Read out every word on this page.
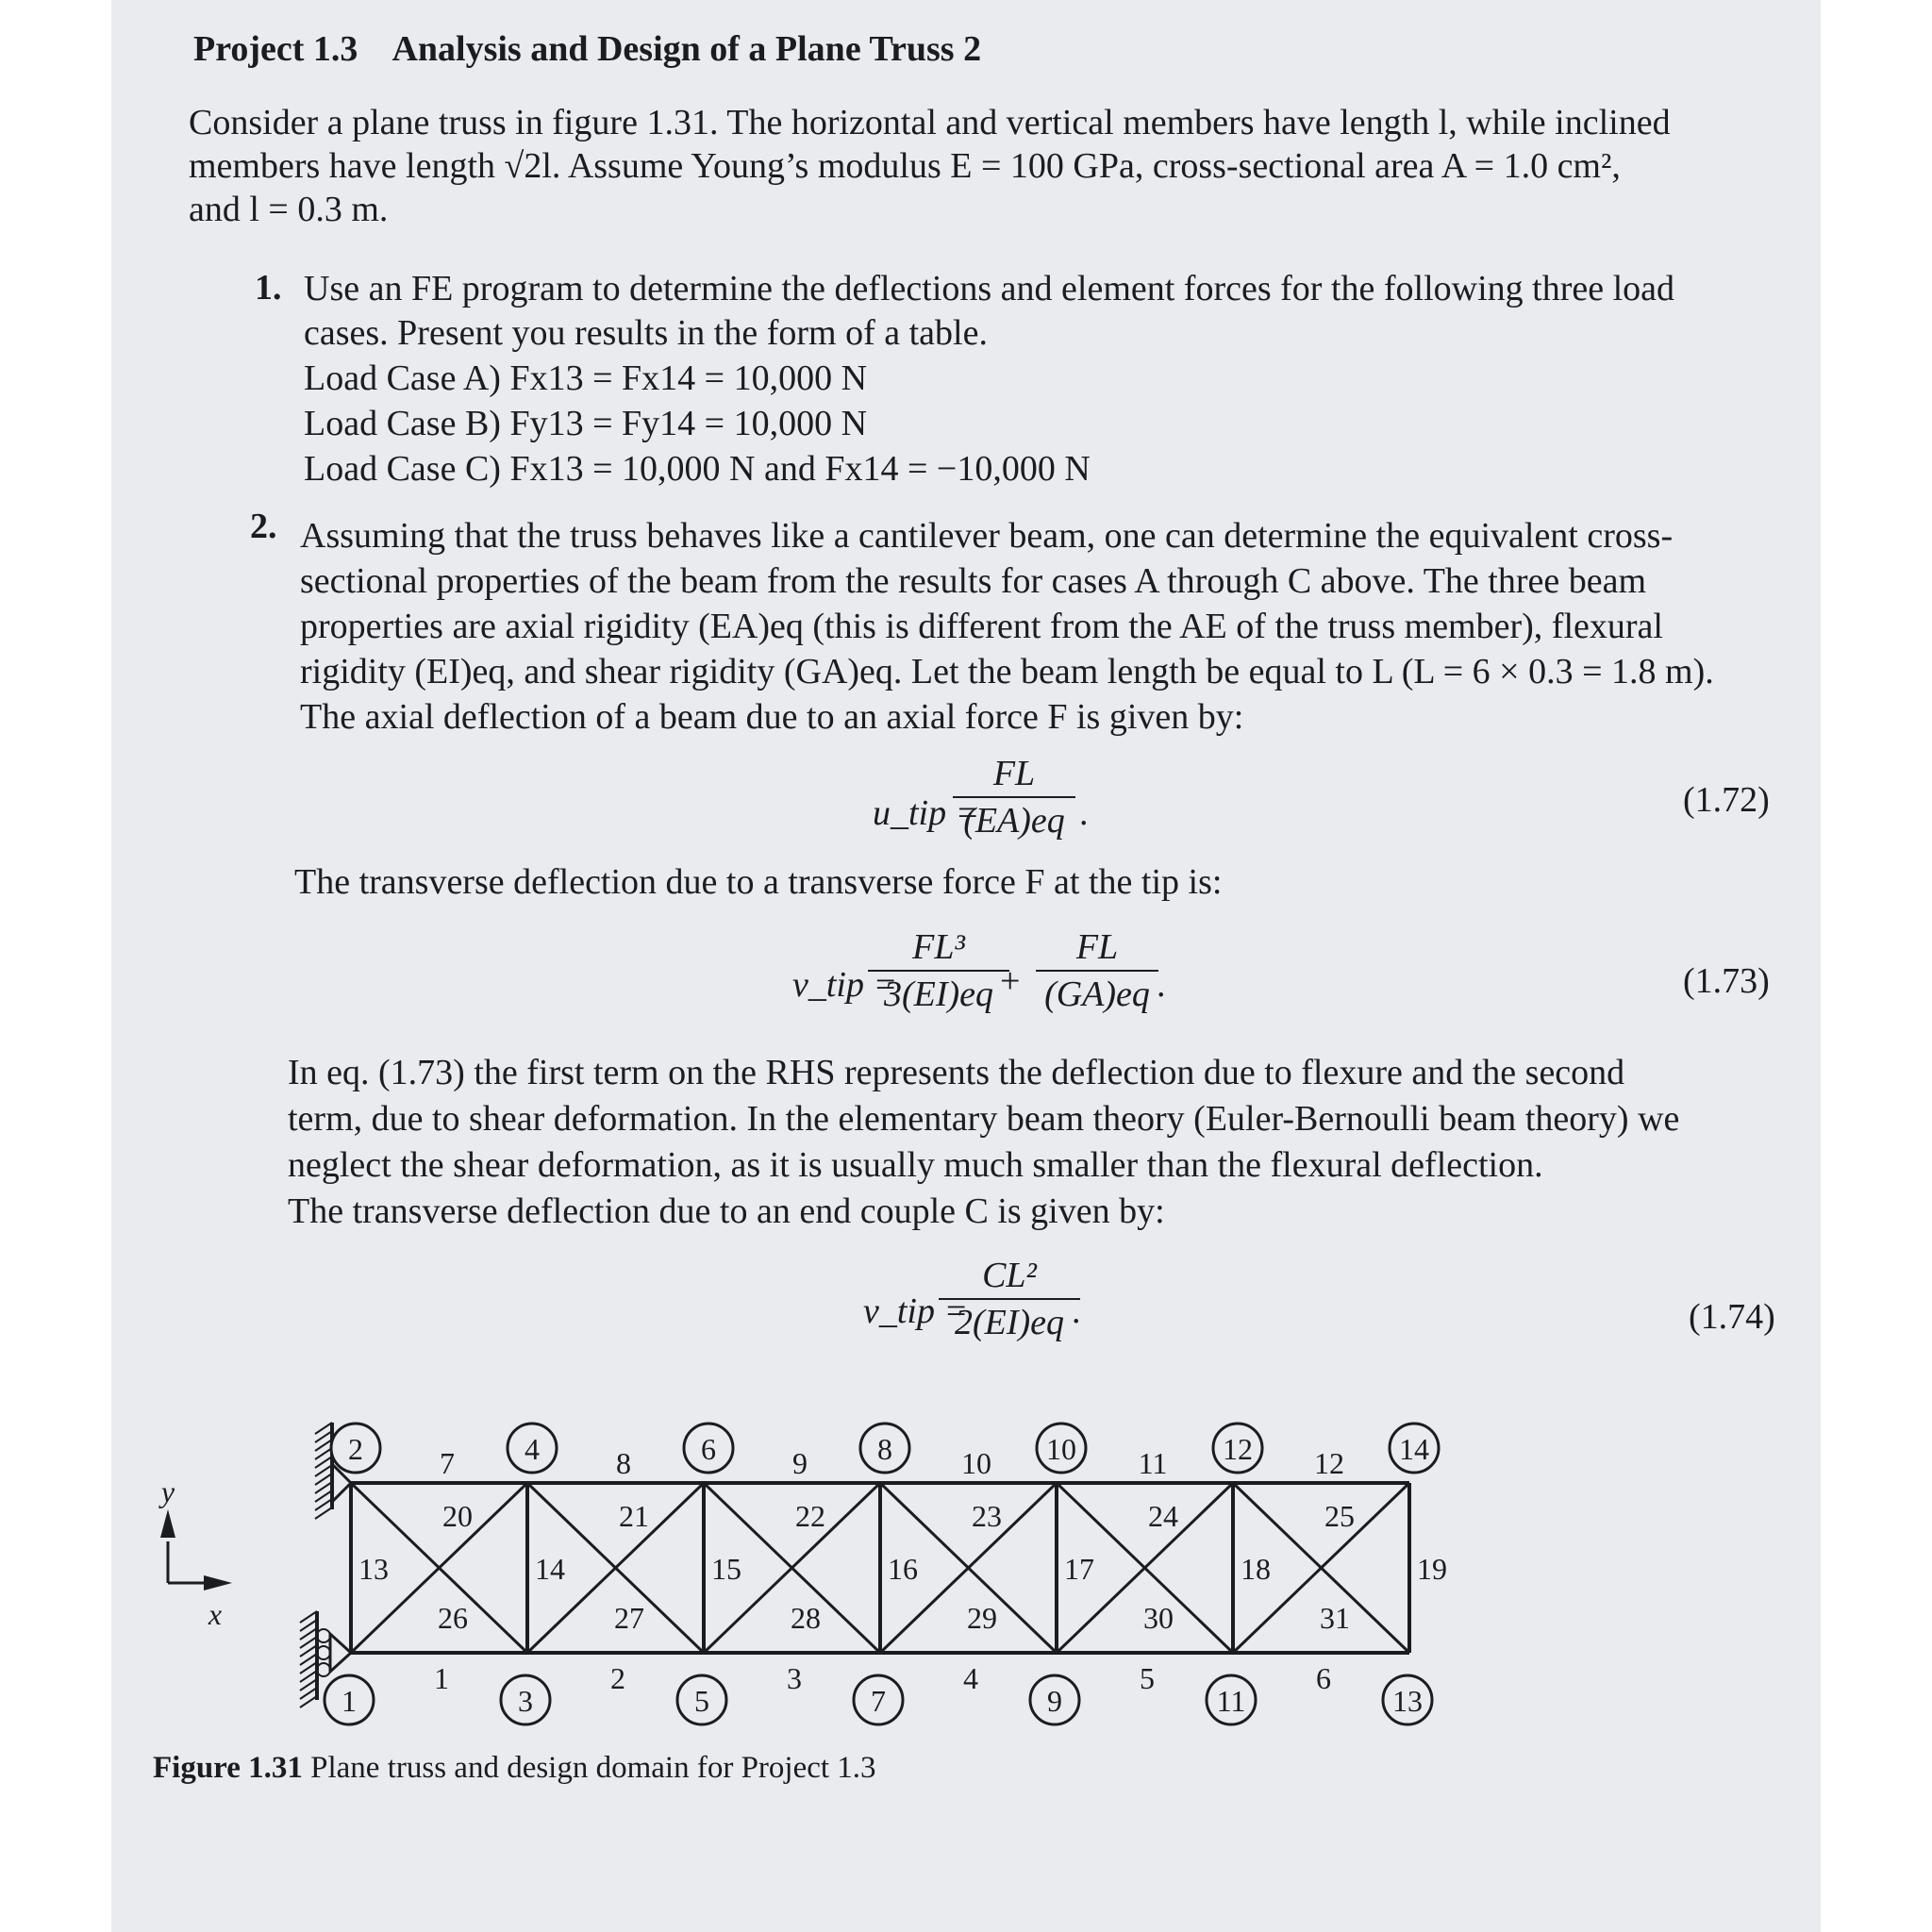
Project 1.3 Analysis and Design of a Plane Truss 2
Consider a plane truss in figure 1.31. The horizontal and vertical members have length l, while inclined
members have length √2l. Assume Young’s modulus E = 100 GPa, cross-sectional area A = 1.0 cm²,
and l = 0.3 m.
1. Use an FE program to determine the deflections and element forces for the following three load
cases. Present you results in the form of a table.
Load Case A) Fx13 = Fx14 = 10,000 N
Load Case B) Fy13 = Fy14 = 10,000 N
Load Case C) Fx13 = 10,000 N and Fx14 = −10,000 N
2. Assuming that the truss behaves like a cantilever beam, one can determine the equivalent cross-
sectional properties of the beam from the results for cases A through C above. The three beam
properties are axial rigidity (EA)eq (this is different from the AE of the truss member), flexural
rigidity (EI)eq, and shear rigidity (GA)eq. Let the beam length be equal to L (L = 6 × 0.3 = 1.8 m).
The axial deflection of a beam due to an axial force F is given by:
u_tip =
FL
(EA)eq .	(1.72)
The transverse deflection due to a transverse force F at the tip is:
v_tip =
FL³
3(EI)eq +
FL
(GA)eq .	(1.73)
In eq. (1.73) the first term on the RHS represents the deflection due to flexure and the second
term, due to shear deformation. In the elementary beam theory (Euler-Bernoulli beam theory) we
neglect the shear deformation, as it is usually much smaller than the flexural deflection.
The transverse deflection due to an end couple C is given by:
v_tip =
CL²
2(EI)eq .	(1.74)
2	4	6	8	10	12	14
1	3	5	7	9	11	13
7	8	9	10	11	12
1	2	3	4	5	6
13	14	15	16	17	18	19
20	21	22	23	24	25
26	27	28	29	30	31
y
x
Figure 1.31 Plane truss and design domain for Project 1.3
